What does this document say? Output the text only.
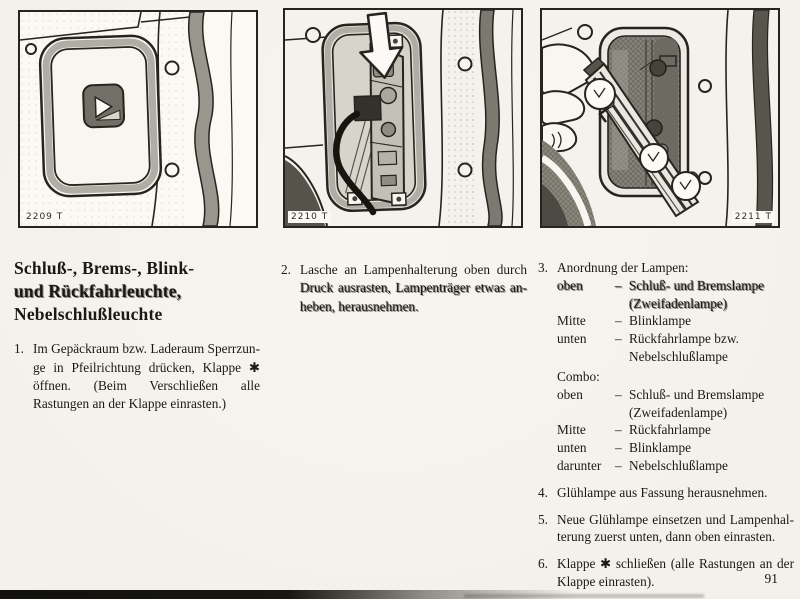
2209 T	2210 T	2211 T
Schluß-, Brems-, Blink-
und Rückfahrleuchte,
Nebelschlußleuchte
1. Im Gepäckraum bzw. Laderaum Sperrzunge in Pfeilrichtung drücken, Klappe ✱ öffnen. (Beim Verschließen alle Rastungen an der Klappe einrasten.)
2. Lasche an Lampenhalterung oben durch Druck ausrasten, Lampenträger etwas anheben, herausnehmen.
3. Anordnung der Lampen:
oben	– Schluß- und Bremslampe (Zweifadenlampe)
Mitte	– Blinklampe
unten	– Rückfahrlampe bzw. Nebelschlußlampe
Combo:
oben	– Schluß- und Bremslampe (Zweifadenlampe)
Mitte	– Rückfahrlampe
unten	– Blinklampe
darunter	– Nebelschlußlampe
4. Glühlampe aus Fassung herausnehmen.
5. Neue Glühlampe einsetzen und Lampenhalterung zuerst unten, dann oben einrasten.
6. Klappe ✱ schließen (alle Rastungen an der Klappe einrasten).	91
